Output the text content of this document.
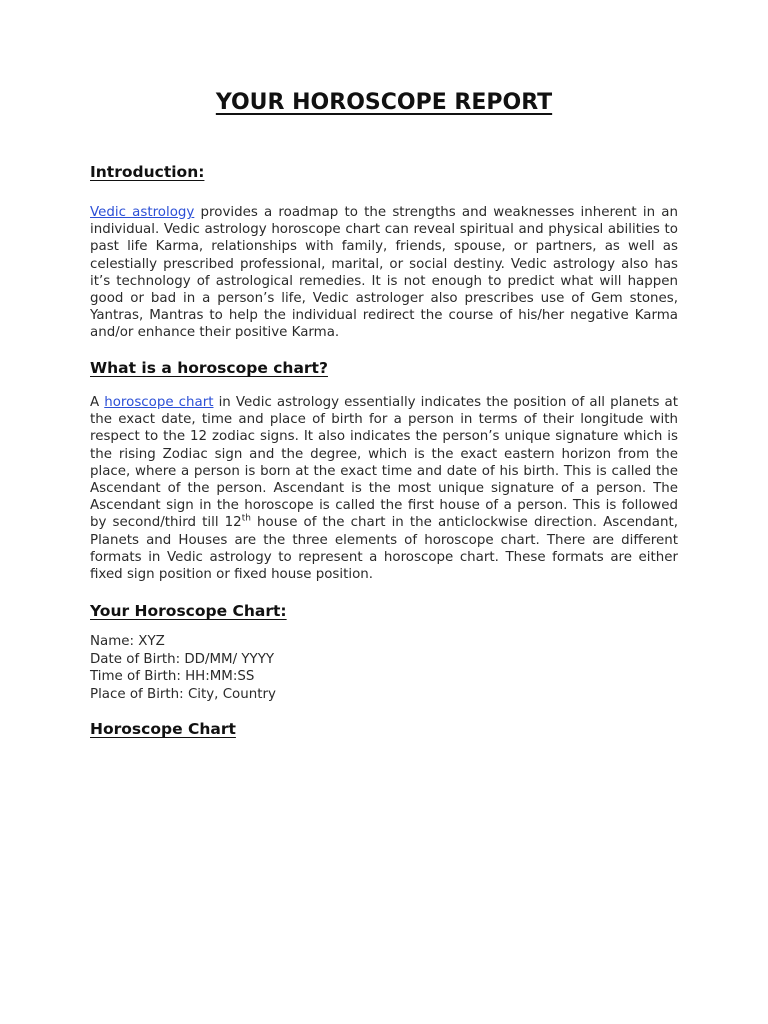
YOUR HOROSCOPE REPORT
Introduction:

Vedic astrology provides a roadmap to the strengths and weaknesses inherent in an individual. Vedic astrology horoscope chart can reveal spiritual and physical abilities to past life Karma, relationships with family, friends, spouse, or partners, as well as celestially prescribed professional, marital, or social destiny. Vedic astrology also has it’s technology of astrological remedies. It is not enough to predict what will happen good or bad in a person’s life, Vedic astrologer also prescribes use of Gem stones, Yantras, Mantras to help the individual redirect the course of his/her negative Karma and/or enhance their positive Karma.

What is a horoscope chart?

A horoscope chart in Vedic astrology essentially indicates the position of all planets at the exact date, time and place of birth for a person in terms of their longitude with respect to the 12 zodiac signs. It also indicates the person’s unique signature which is the rising Zodiac sign and the degree, which is the exact eastern horizon from the place, where a person is born at the exact time and date of his birth. This is called the Ascendant of the person. Ascendant is the most unique signature of a person. The Ascendant sign in the horoscope is called the first house of a person. This is followed by second/third till 12th house of the chart in the anticlockwise direction. Ascendant, Planets and Houses are the three elements of horoscope chart. There are different formats in Vedic astrology to represent a horoscope chart. These formats are either fixed sign position or fixed house position.

Your Horoscope Chart:
Name: XYZ
Date of Birth: DD/MM/ YYYY
Time of Birth: HH:MM:SS
Place of Birth: City, Country
Horoscope Chart
